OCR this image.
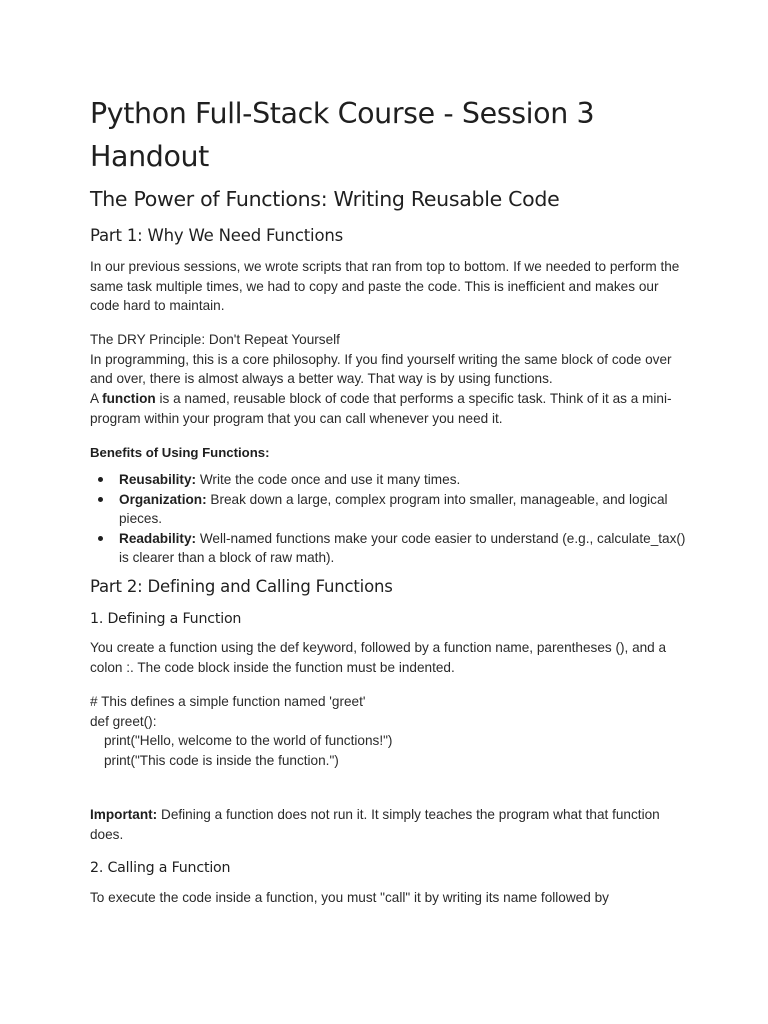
Python Full-Stack Course - Session 3 Handout
The Power of Functions: Writing Reusable Code
Part 1: Why We Need Functions

In our previous sessions, we wrote scripts that ran from top to bottom. If we needed to perform the same task multiple times, we had to copy and paste the code. This is inefficient and makes our code hard to maintain.

The DRY Principle: Don't Repeat Yourself

In programming, this is a core philosophy. If you find yourself writing the same block of code over and over, there is almost always a better way. That way is by using functions.

A function is a named, reusable block of code that performs a specific task. Think of it as a mini-program within your program that you can call whenever you need it.

Benefits of Using Functions:

Reusability: Write the code once and use it many times.
Organization: Break down a large, complex program into smaller, manageable, and logical pieces.
Readability: Well-named functions make your code easier to understand (e.g., calculate_tax() is clearer than a block of raw math).
Part 2: Defining and Calling Functions
1. Defining a Function

You create a function using the def keyword, followed by a function name, parentheses (), and a colon :. The code block inside the function must be indented.

# This defines a simple function named 'greet'
def greet():
print("Hello, welcome to the world of functions!")
print("This code is inside the function.")

Important: Defining a function does not run it. It simply teaches the program what that function does.

2. Calling a Function

To execute the code inside a function, you must "call" it by writing its name followed by
